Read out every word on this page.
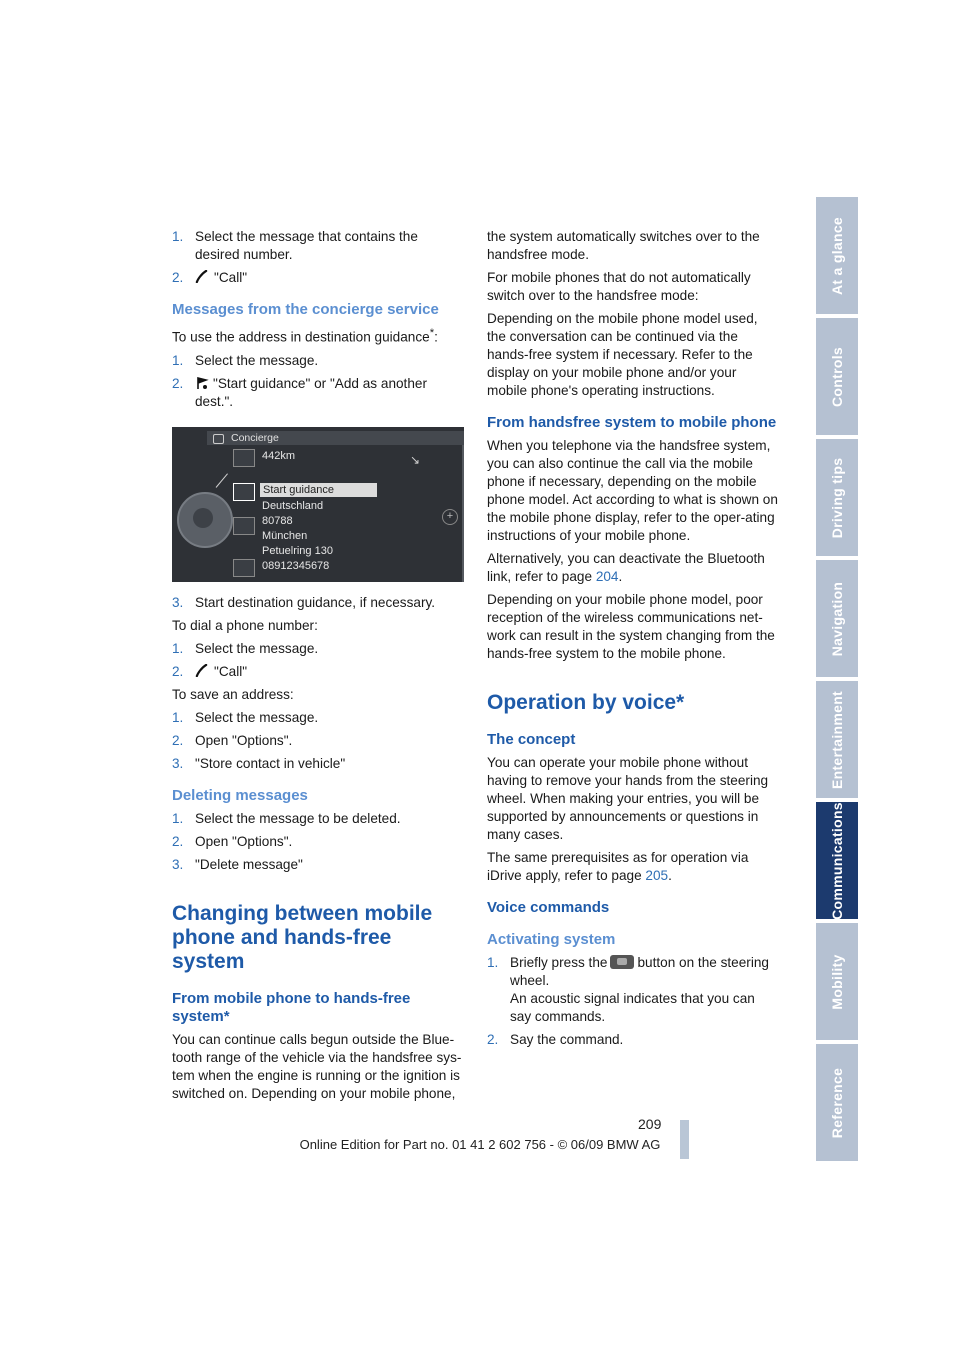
At a glance
Controls
Driving tips
Navigation
Entertainment
Communications
Mobility
Reference
1. Select the message that contains the desired number.
2. "Call"
Messages from the concierge service

To use the address in destination guidance*:

1. Select the message.
2. "Start guidance" or "Add as another dest.".
Concierge
442km
Start guidance
Deutschland
80788
München
Petuelring 130
08912345678
↘
+
3. Start destination guidance, if necessary.

To dial a phone number:

1. Select the message.
2. "Call"

To save an address:

1. Select the message.
2. Open "Options".
3. "Store contact in vehicle"
Deleting messages
1. Select the message to be deleted.
2. Open "Options".
3. "Delete message"
Changing between mobile phone and hands-free system
From mobile phone to hands-free system*

You can continue calls begun outside the Blue-tooth range of the vehicle via the handsfree sys-tem when the engine is running or the ignition is switched on. Depending on your mobile phone,

the system automatically switches over to the handsfree mode.

For mobile phones that do not automatically switch over to the handsfree mode:

Depending on the mobile phone model used, the conversation can be continued via the hands-free system if necessary. Refer to the display on your mobile phone and/or your mobile phone's operating instructions.

From handsfree system to mobile phone

When you telephone via the handsfree system, you can also continue the call via the mobile phone if necessary, depending on the mobile phone model. Act according to what is shown on the mobile phone display, refer to the oper-ating instructions of your mobile phone.

Alternatively, you can deactivate the Bluetooth link, refer to page 204.

Depending on your mobile phone model, poor reception of the wireless communications net-work can result in the system changing from the hands-free system to the mobile phone.

Operation by voice*
The concept

You can operate your mobile phone without having to remove your hands from the steering wheel. When making your entries, you will be supported by announcements or questions in many cases.

The same prerequisites as for operation via iDrive apply, refer to page 205.

Voice commands
Activating system
1. Briefly press the button on the steering wheel.
An acoustic signal indicates that you can say commands.
2. Say the command.
209
Online Edition for Part no. 01 41 2 602 756 - © 06/09 BMW AG
